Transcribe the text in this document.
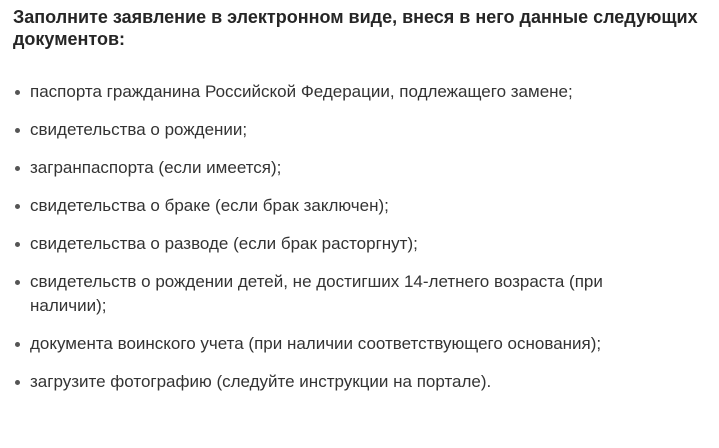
Заполните заявление в электронном виде, внеся в него данные следующих документов:
паспорта гражданина Российской Федерации, подлежащего замене;
свидетельства о рождении;
загранпаспорта (если имеется);
свидетельства о браке (если брак заключен);
свидетельства о разводе (если брак расторгнут);
свидетельств о рождении детей, не достигших 14-летнего возраста (при наличии);
документа воинского учета (при наличии соответствующего основания);
загрузите фотографию (следуйте инструкции на портале).
